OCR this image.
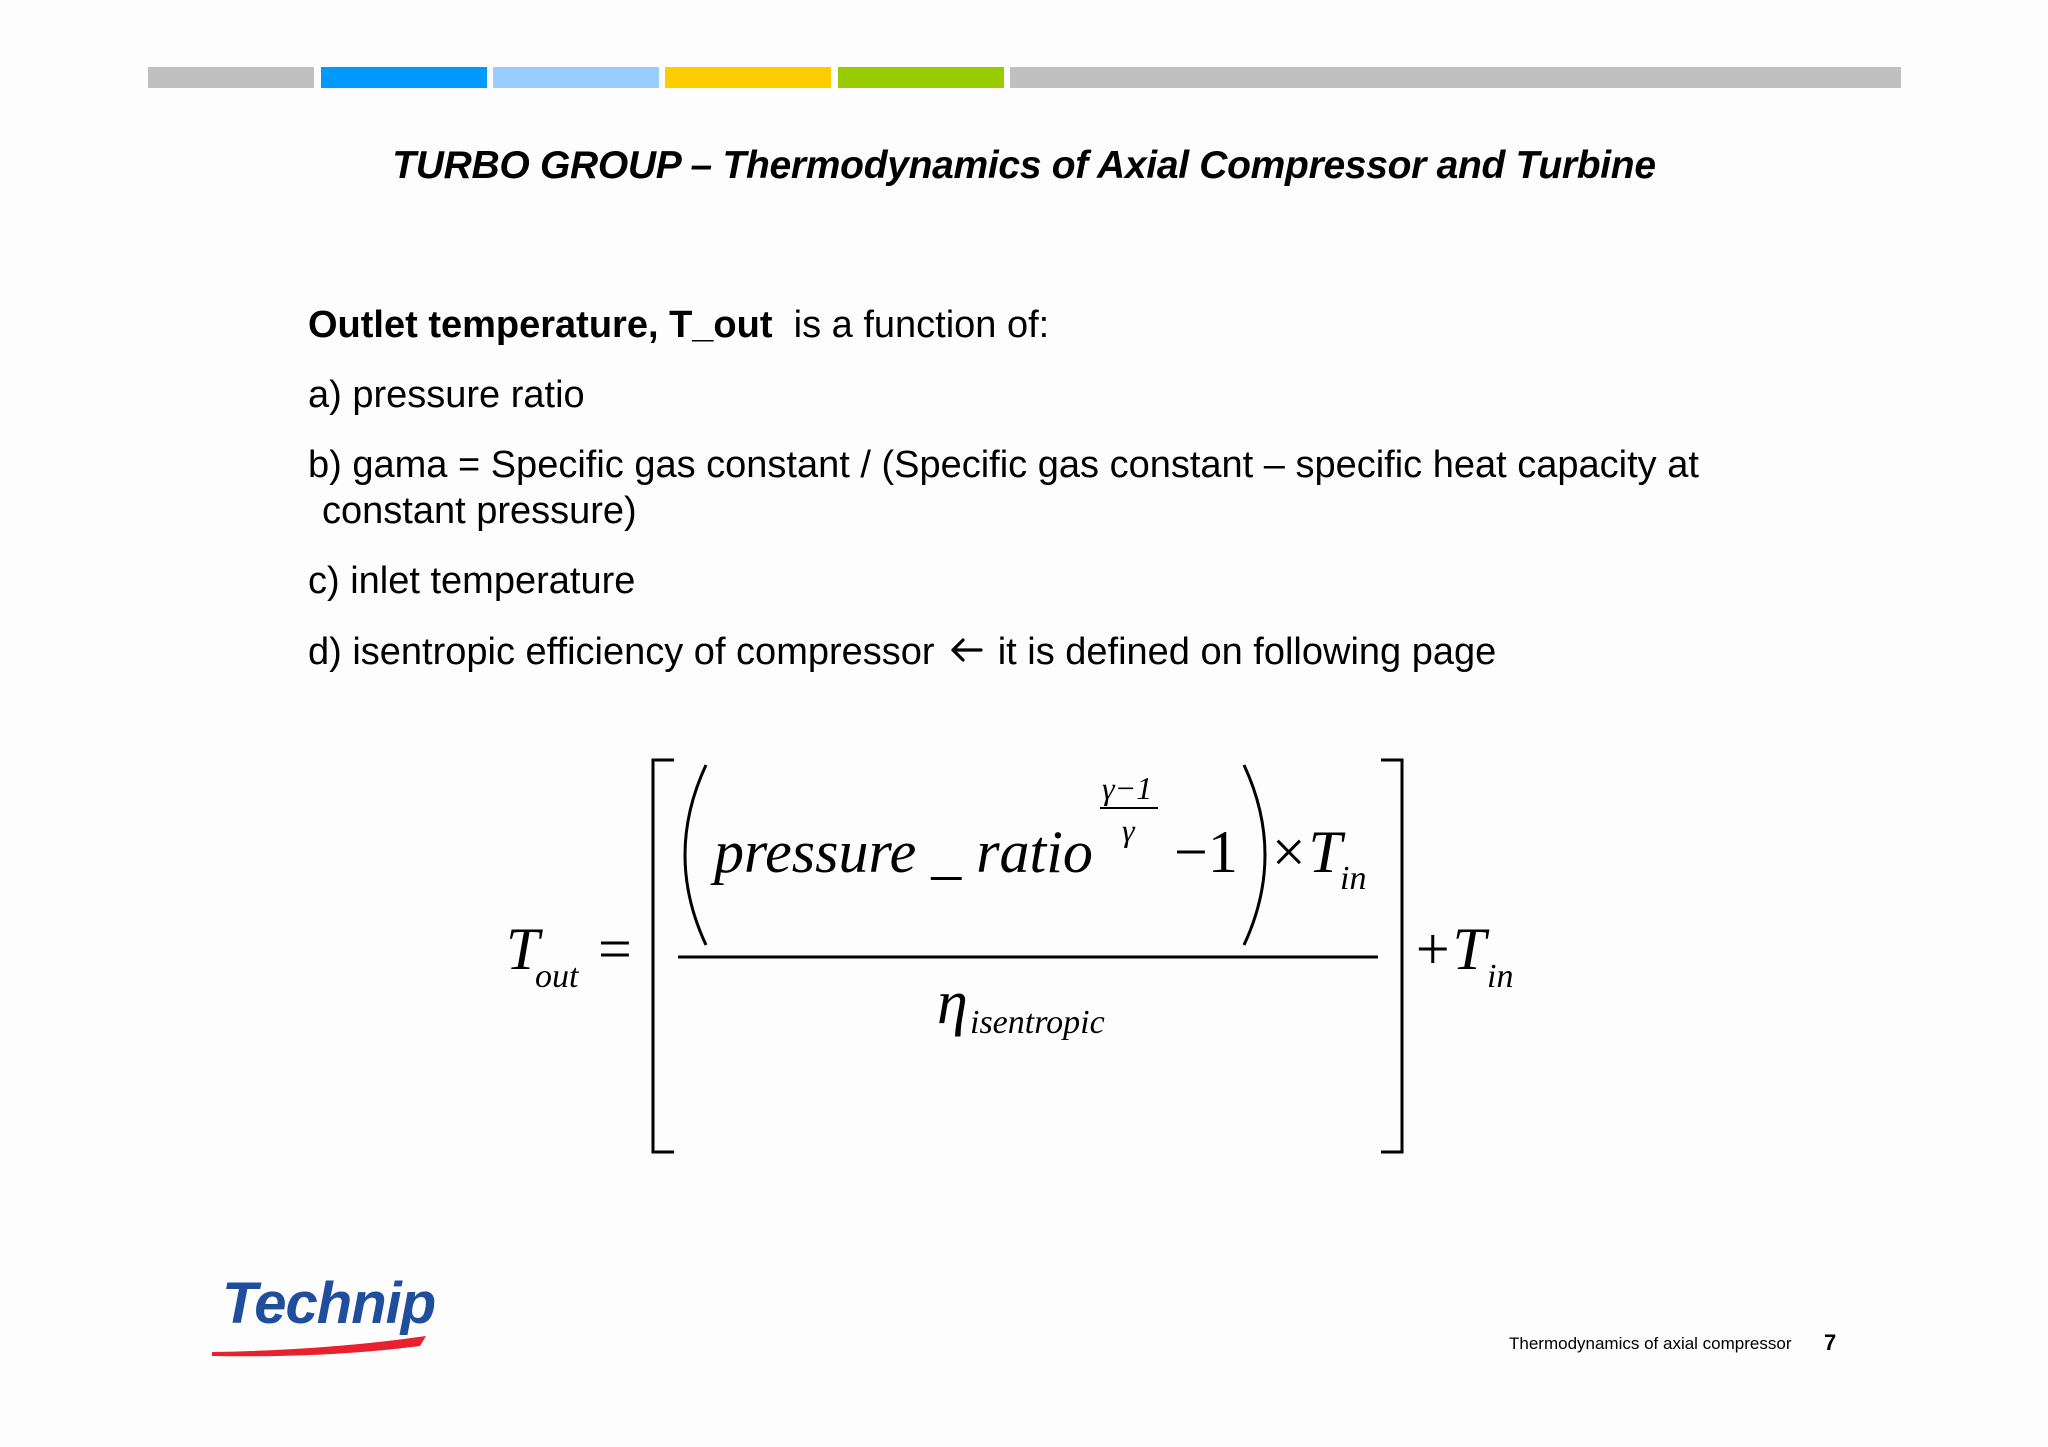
TURBO GROUP – Thermodynamics of Axial Compressor and Turbine
Outlet temperature, T_out is a function of:
a) pressure ratio
b) gama = Specific gas constant / (Specific gas constant – specific heat capacity at
constant pressure)
c) inlet temperature
d) isentropic efficiency of compressor it is defined on following page
T
out =
pressure _ ratio
γ−1
γ −1 ×T
in
η isentropic
+T in
Technip
Thermodynamics of axial compressor 7
